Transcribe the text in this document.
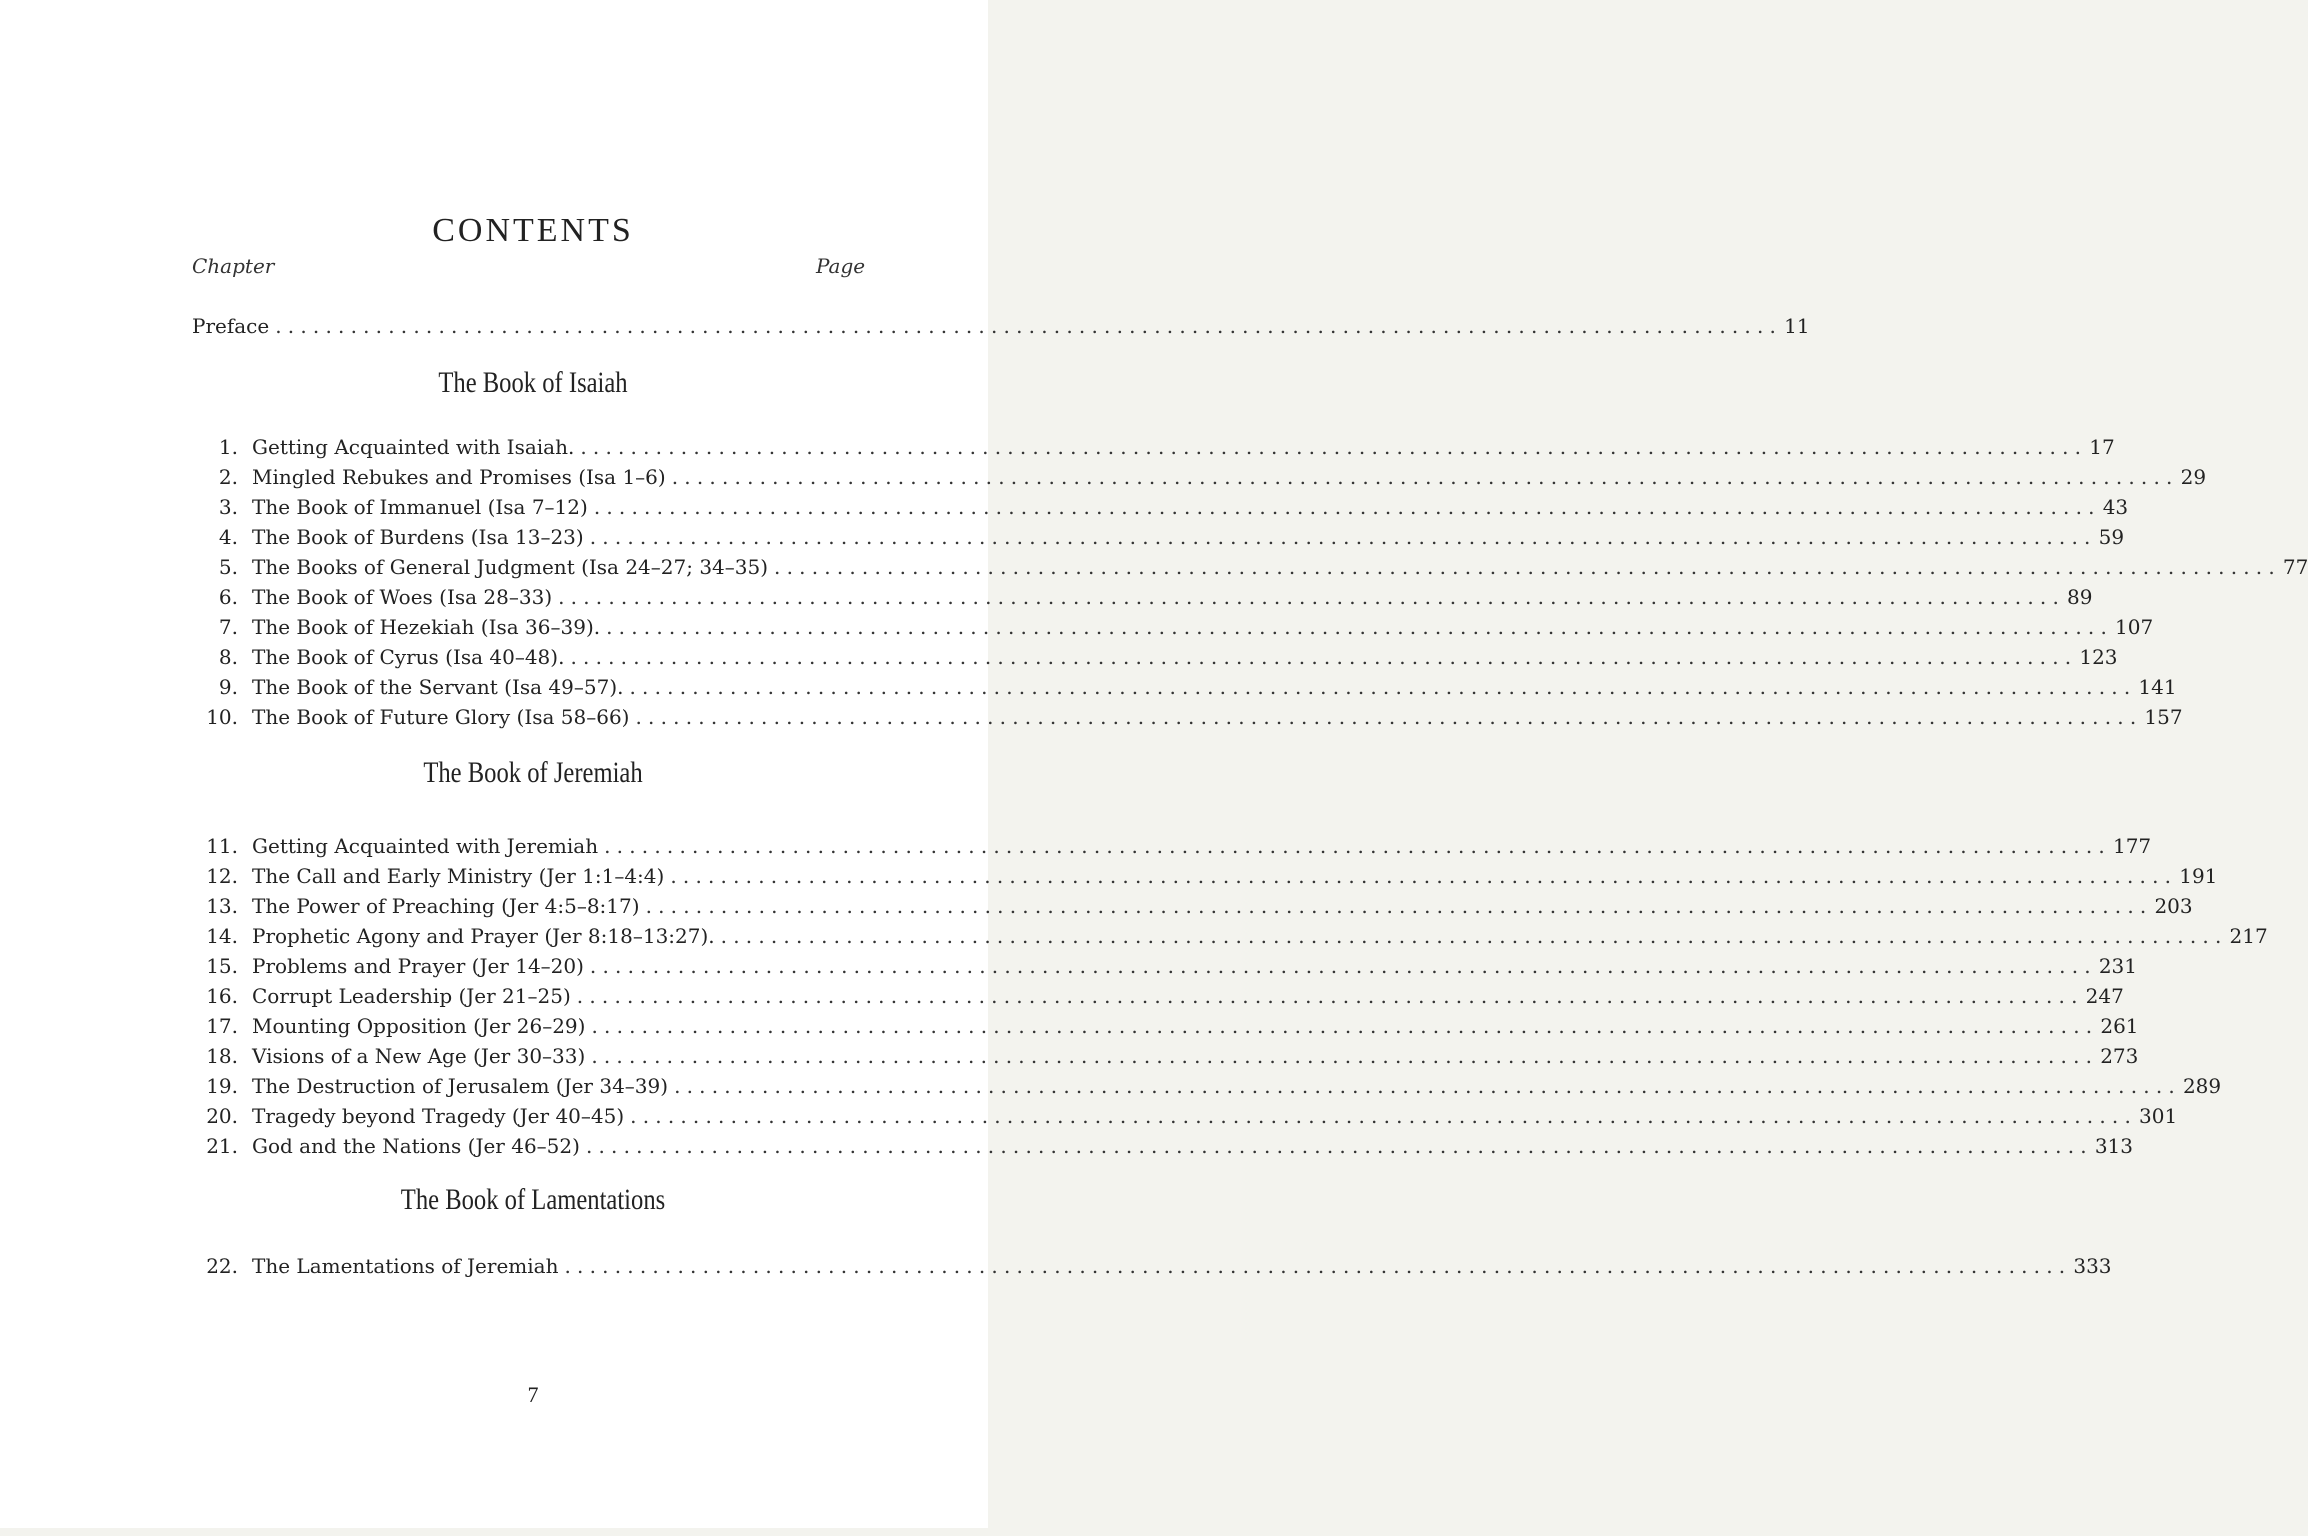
CONTENTS
Chapter	Page
Preface ........................................................................................................................ 11
The Book of Isaiah
1. Getting Acquainted with Isaiah. ........................................................................................................................ 17
2. Mingled Rebukes and Promises (Isa 1–6) ........................................................................................................................ 29
3. The Book of Immanuel (Isa 7–12) ........................................................................................................................ 43
4. The Book of Burdens (Isa 13–23) ........................................................................................................................ 59
5. The Books of General Judgment (Isa 24–27; 34–35) ........................................................................................................................ 77
6. The Book of Woes (Isa 28–33) ........................................................................................................................ 89
7. The Book of Hezekiah (Isa 36–39). ........................................................................................................................ 107
8. The Book of Cyrus (Isa 40–48). ........................................................................................................................ 123
9. The Book of the Servant (Isa 49–57). ........................................................................................................................ 141
10. The Book of Future Glory (Isa 58–66) ........................................................................................................................ 157
The Book of Jeremiah
11. Getting Acquainted with Jeremiah ........................................................................................................................ 177
12. The Call and Early Ministry (Jer 1:1–4:4) ........................................................................................................................ 191
13. The Power of Preaching (Jer 4:5–8:17) ........................................................................................................................ 203
14. Prophetic Agony and Prayer (Jer 8:18–13:27). ........................................................................................................................ 217
15. Problems and Prayer (Jer 14–20) ........................................................................................................................ 231
16. Corrupt Leadership (Jer 21–25) ........................................................................................................................ 247
17. Mounting Opposition (Jer 26–29) ........................................................................................................................ 261
18. Visions of a New Age (Jer 30–33) ........................................................................................................................ 273
19. The Destruction of Jerusalem (Jer 34–39) ........................................................................................................................ 289
20. Tragedy beyond Tragedy (Jer 40–45) ........................................................................................................................ 301
21. God and the Nations (Jer 46–52) ........................................................................................................................ 313
The Book of Lamentations
22. The Lamentations of Jeremiah ........................................................................................................................ 333
7
